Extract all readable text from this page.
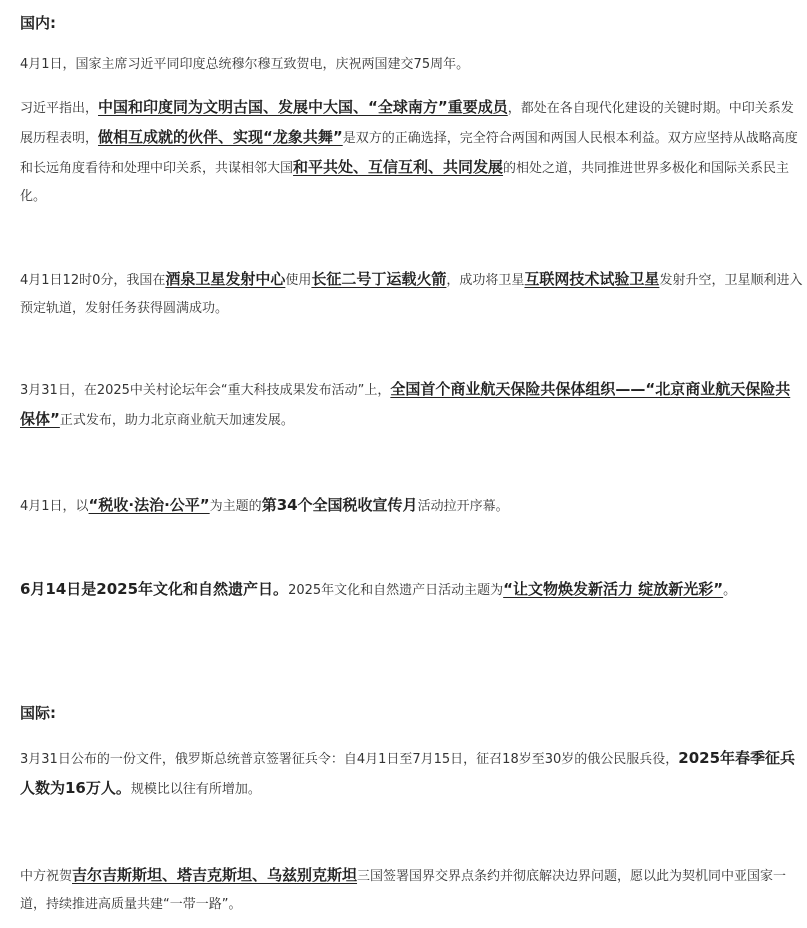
国内:

4月1日，国家主席习近平同印度总统穆尔穆互致贺电，庆祝两国建交75周年。

习近平指出，中国和印度同为文明古国、发展中大国、“全球南方”重要成员，都处在各自现代化建设的关键时期。中印关系发展历程表明，做相互成就的伙伴、实现“龙象共舞”是双方的正确选择，完全符合两国和两国人民根本利益。双方应坚持从战略高度和长远角度看待和处理中印关系，共谋相邻大国和平共处、互信互利、共同发展的相处之道，共同推进世界多极化和国际关系民主化。

4月1日12时0分，我国在酒泉卫星发射中心使用长征二号丁运载火箭，成功将卫星互联网技术试验卫星发射升空，卫星顺利进入预定轨道，发射任务获得圆满成功。

3月31日，在2025中关村论坛年会“重大科技成果发布活动”上，全国首个商业航天保险共保体组织——“北京商业航天保险共保体”正式发布，助力北京商业航天加速发展。

4月1日，以“税收·法治·公平”为主题的第34个全国税收宣传月活动拉开序幕。

6月14日是2025年文化和自然遗产日。2025年文化和自然遗产日活动主题为“让文物焕发新活力 绽放新光彩”。

国际:

3月31日公布的一份文件，俄罗斯总统普京签署征兵令：自4月1日至7月15日，征召18岁至30岁的俄公民服兵役，2025年春季征兵人数为16万人。规模比以往有所增加。

中方祝贺吉尔吉斯斯坦、塔吉克斯坦、乌兹别克斯坦三国签署国界交界点条约并彻底解决边界问题，愿以此为契机同中亚国家一道，持续推进高质量共建“一带一路”。
